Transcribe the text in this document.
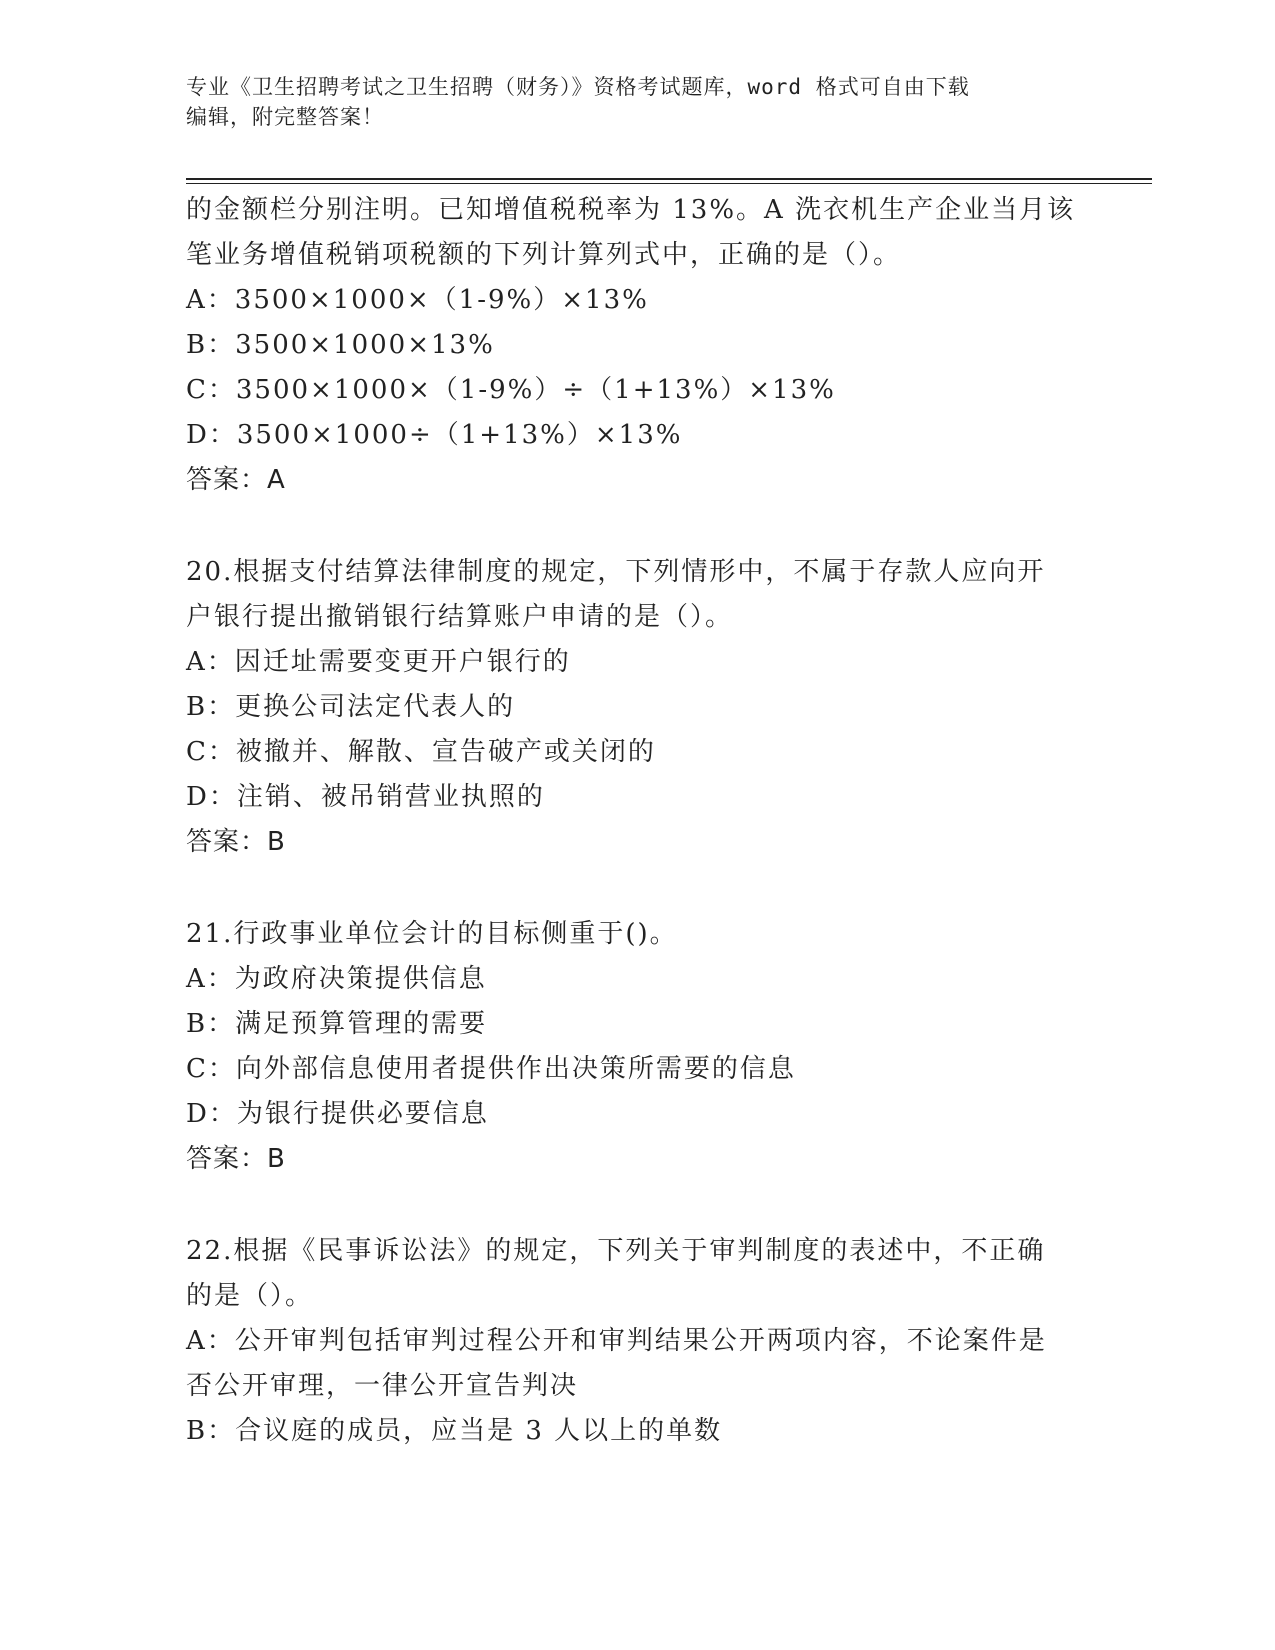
专业《卫生招聘考试之卫生招聘（财务）》资格考试题库，word 格式可自由下载
编辑，附完整答案！
的金额栏分别注明。已知增值税税率为 13%。A 洗衣机生产企业当月该
笔业务增值税销项税额的下列计算列式中，正确的是（）。
A：3500×1000×（1-9%）×13%
B：3500×1000×13%
C：3500×1000×（1-9%）÷（1+13%）×13%
D：3500×1000÷（1+13%）×13%
答案：A
20.根据支付结算法律制度的规定，下列情形中，不属于存款人应向开
户银行提出撤销银行结算账户申请的是（）。
A：因迁址需要变更开户银行的
B：更换公司法定代表人的
C：被撤并、解散、宣告破产或关闭的
D：注销、被吊销营业执照的
答案：B
21.行政事业单位会计的目标侧重于()。
A：为政府决策提供信息
B：满足预算管理的需要
C：向外部信息使用者提供作出决策所需要的信息
D：为银行提供必要信息
答案：B
22.根据《民事诉讼法》的规定，下列关于审判制度的表述中，不正确
的是（）。
A：公开审判包括审判过程公开和审判结果公开两项内容，不论案件是
否公开审理，一律公开宣告判决
B：合议庭的成员，应当是 3 人以上的单数
